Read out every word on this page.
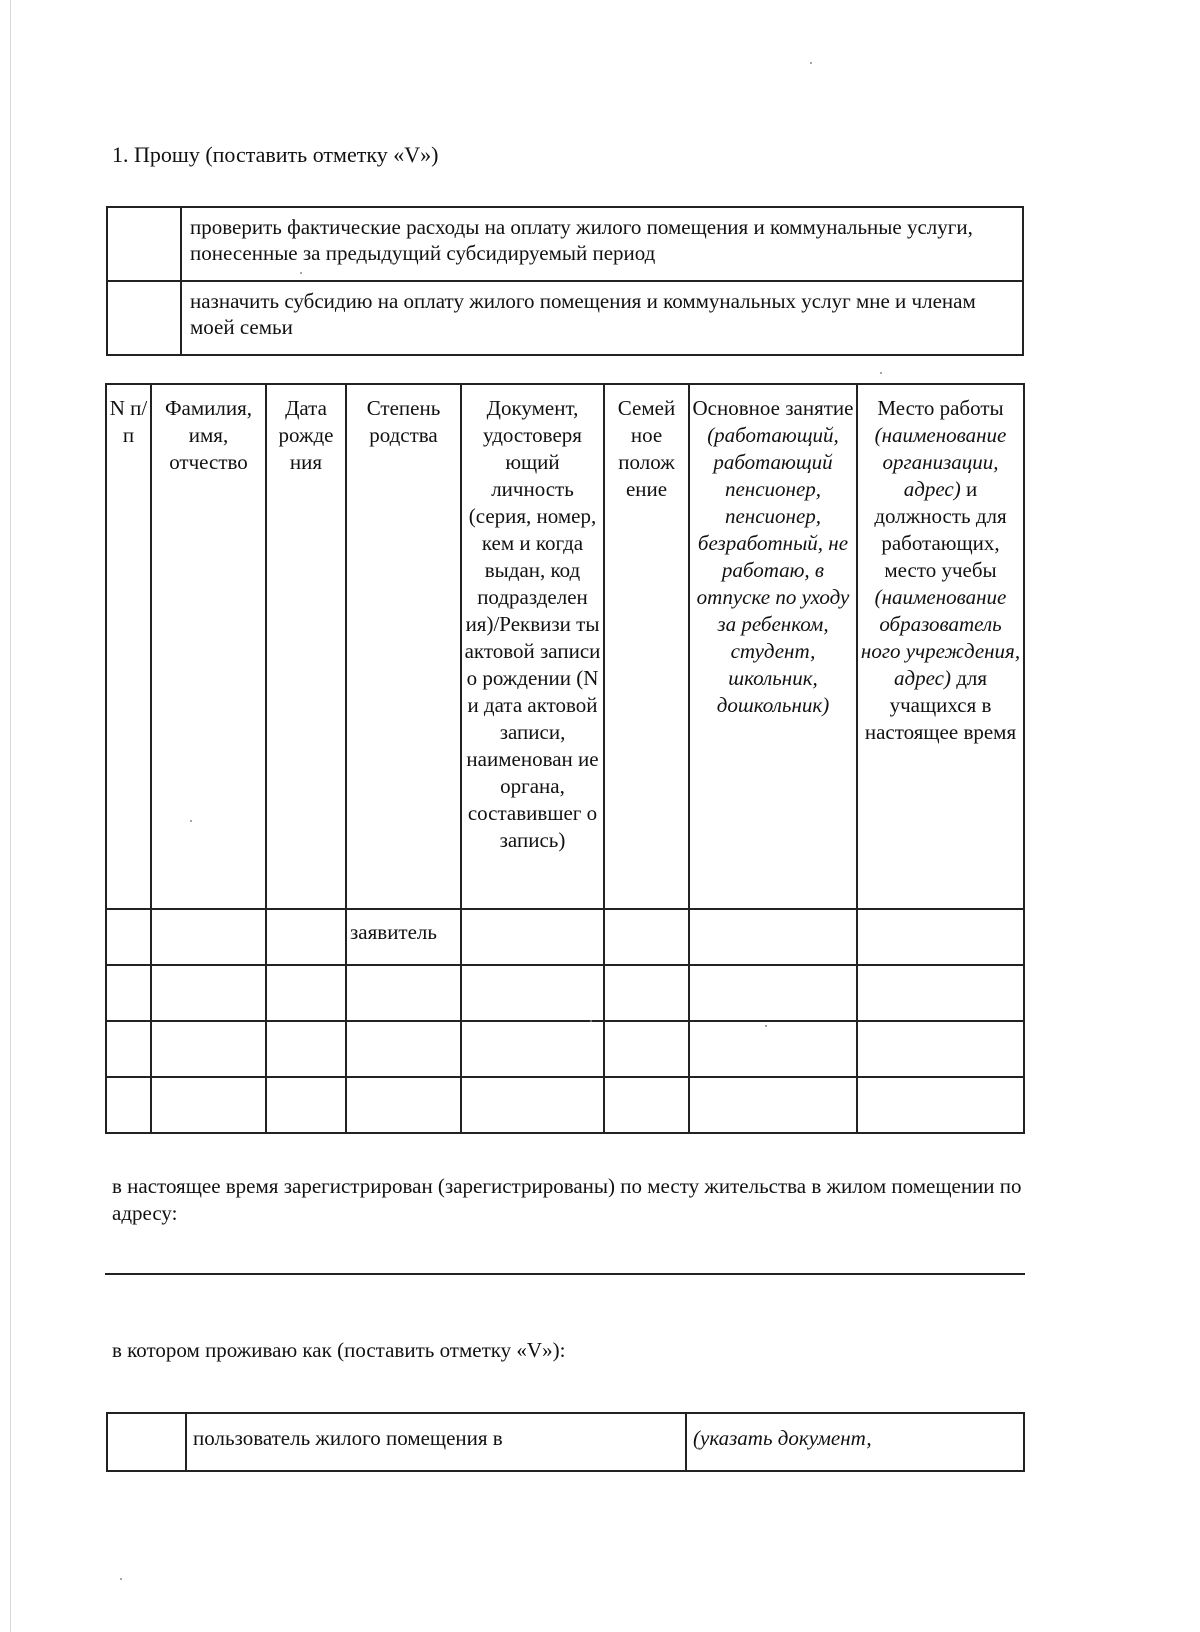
1. Прошу (поставить отметку «V»)
	проверить фактические расходы на оплату жилого помещения и коммунальные услуги, понесенные за предыдущий субсидируемый период
	назначить субсидию на оплату жилого помещения и коммунальных услуг мне и членам моей семьи
N п/п	Фамилия, имя, отчество	Дата рожде ния	Степень родства	Документ, удостоверя ющий личность (серия, номер, кем и когда выдан, код подразделен ия)/Реквизи ты актовой записи о рождении (N и дата актовой записи, наименован ие органа, составившег о запись)	Семей ное полож ение	Основное занятие (работающий, работающий пенсионер, пенсионер, безработный, не работаю, в отпуске по уходу за ребенком, студент, школьник, дошкольник)	Место работы (наименование организации, адрес) и должность для работающих, место учебы (наименование образователь ного учреждения, адрес) для учащихся в настоящее время
			заявитель				

в настоящее время зарегистрирован (зарегистрированы) по месту жительства в жилом помещении по адресу:
в котором проживаю как (поставить отметку «V»):
	пользователь жилого помещения в	(указать документ,
